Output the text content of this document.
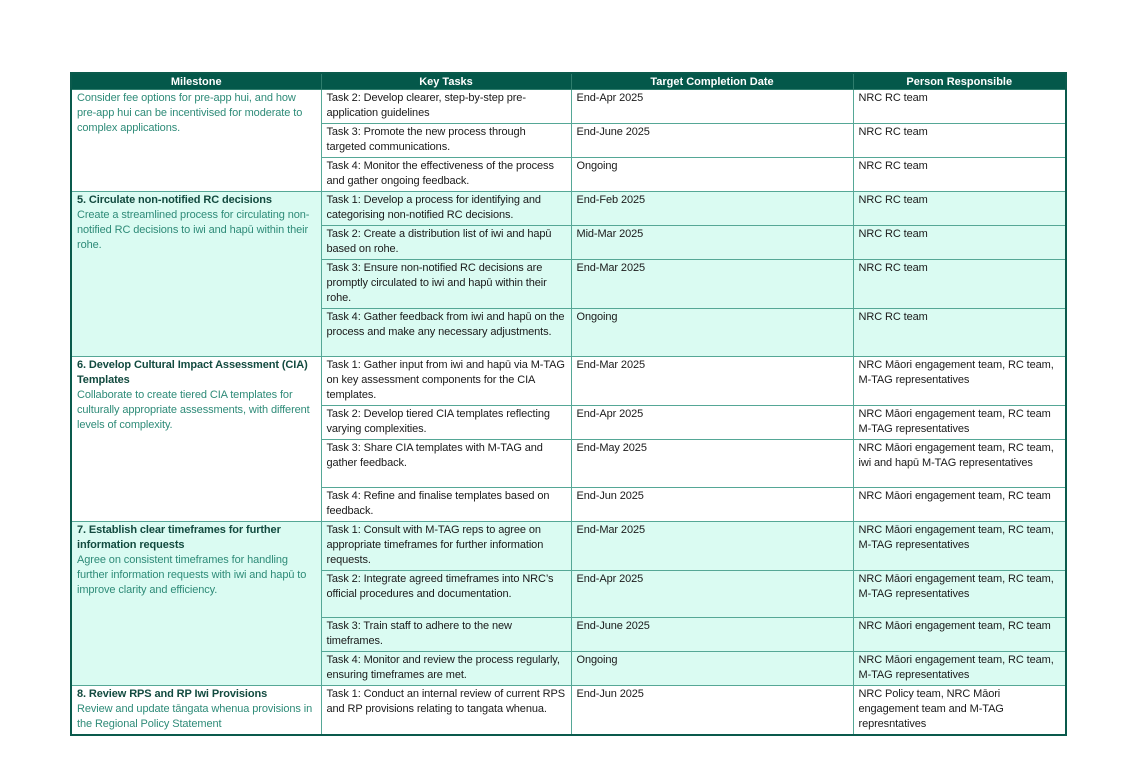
Milestone	Key Tasks	Target Completion Date	Person Responsible

Consider fee options for pre-app hui, and how pre-app hui can be incentivised for moderate to complex applications.	Task 2: Develop clearer, step-by-step pre-application guidelines	End-Apr 2025	NRC RC team
	Task 3: Promote the new process through targeted communications.	End-June 2025	NRC RC team
	Task 4: Monitor the effectiveness of the process and gather ongoing feedback.	Ongoing	NRC RC team

5. Circulate non-notified RC decisions
Create a streamlined process for circulating non-notified RC decisions to iwi and hapū within their rohe.	Task 1: Develop a process for identifying and categorising non-notified RC decisions.	End-Feb 2025	NRC RC team
	Task 2: Create a distribution list of iwi and hapū based on rohe.	Mid-Mar 2025	NRC RC team
	Task 3: Ensure non-notified RC decisions are promptly circulated to iwi and hapū within their rohe.	End-Mar 2025	NRC RC team
	Task 4: Gather feedback from iwi and hapū on the process and make any necessary adjustments.	Ongoing	NRC RC team

6. Develop Cultural Impact Assessment (CIA) Templates
Collaborate to create tiered CIA templates for culturally appropriate assessments, with different levels of complexity.	Task 1: Gather input from iwi and hapū via M-TAG on key assessment components for the CIA templates.	End-Mar 2025	NRC Māori engagement team, RC team, M-TAG representatives
	Task 2: Develop tiered CIA templates reflecting varying complexities.	End-Apr 2025	NRC Māori engagement team, RC team M-TAG representatives
	Task 3: Share CIA templates with M-TAG and gather feedback.	End-May 2025	NRC Māori engagement team, RC team, iwi and hapū M-TAG representatives
	Task 4: Refine and finalise templates based on feedback.	End-Jun 2025	NRC Māori engagement team, RC team

7. Establish clear timeframes for further information requests
Agree on consistent timeframes for handling further information requests with iwi and hapū to improve clarity and efficiency.	Task 1: Consult with M-TAG reps to agree on appropriate timeframes for further information requests.	End-Mar 2025	NRC Māori engagement team, RC team, M-TAG representatives
	Task 2: Integrate agreed timeframes into NRC’s official procedures and documentation.	End-Apr 2025	NRC Māori engagement team, RC team, M-TAG representatives
	Task 3: Train staff to adhere to the new timeframes.	End-June 2025	NRC Māori engagement team, RC team
	Task 4: Monitor and review the process regularly, ensuring timeframes are met.	Ongoing	NRC Māori engagement team, RC team, M-TAG representatives

8. Review RPS and RP Iwi Provisions
Review and update tāngata whenua provisions in the Regional Policy Statement	Task 1: Conduct an internal review of current RPS and RP provisions relating to tangata whenua.	End-Jun 2025	NRC Policy team, NRC Māori engagement team and M-TAG represntatives
